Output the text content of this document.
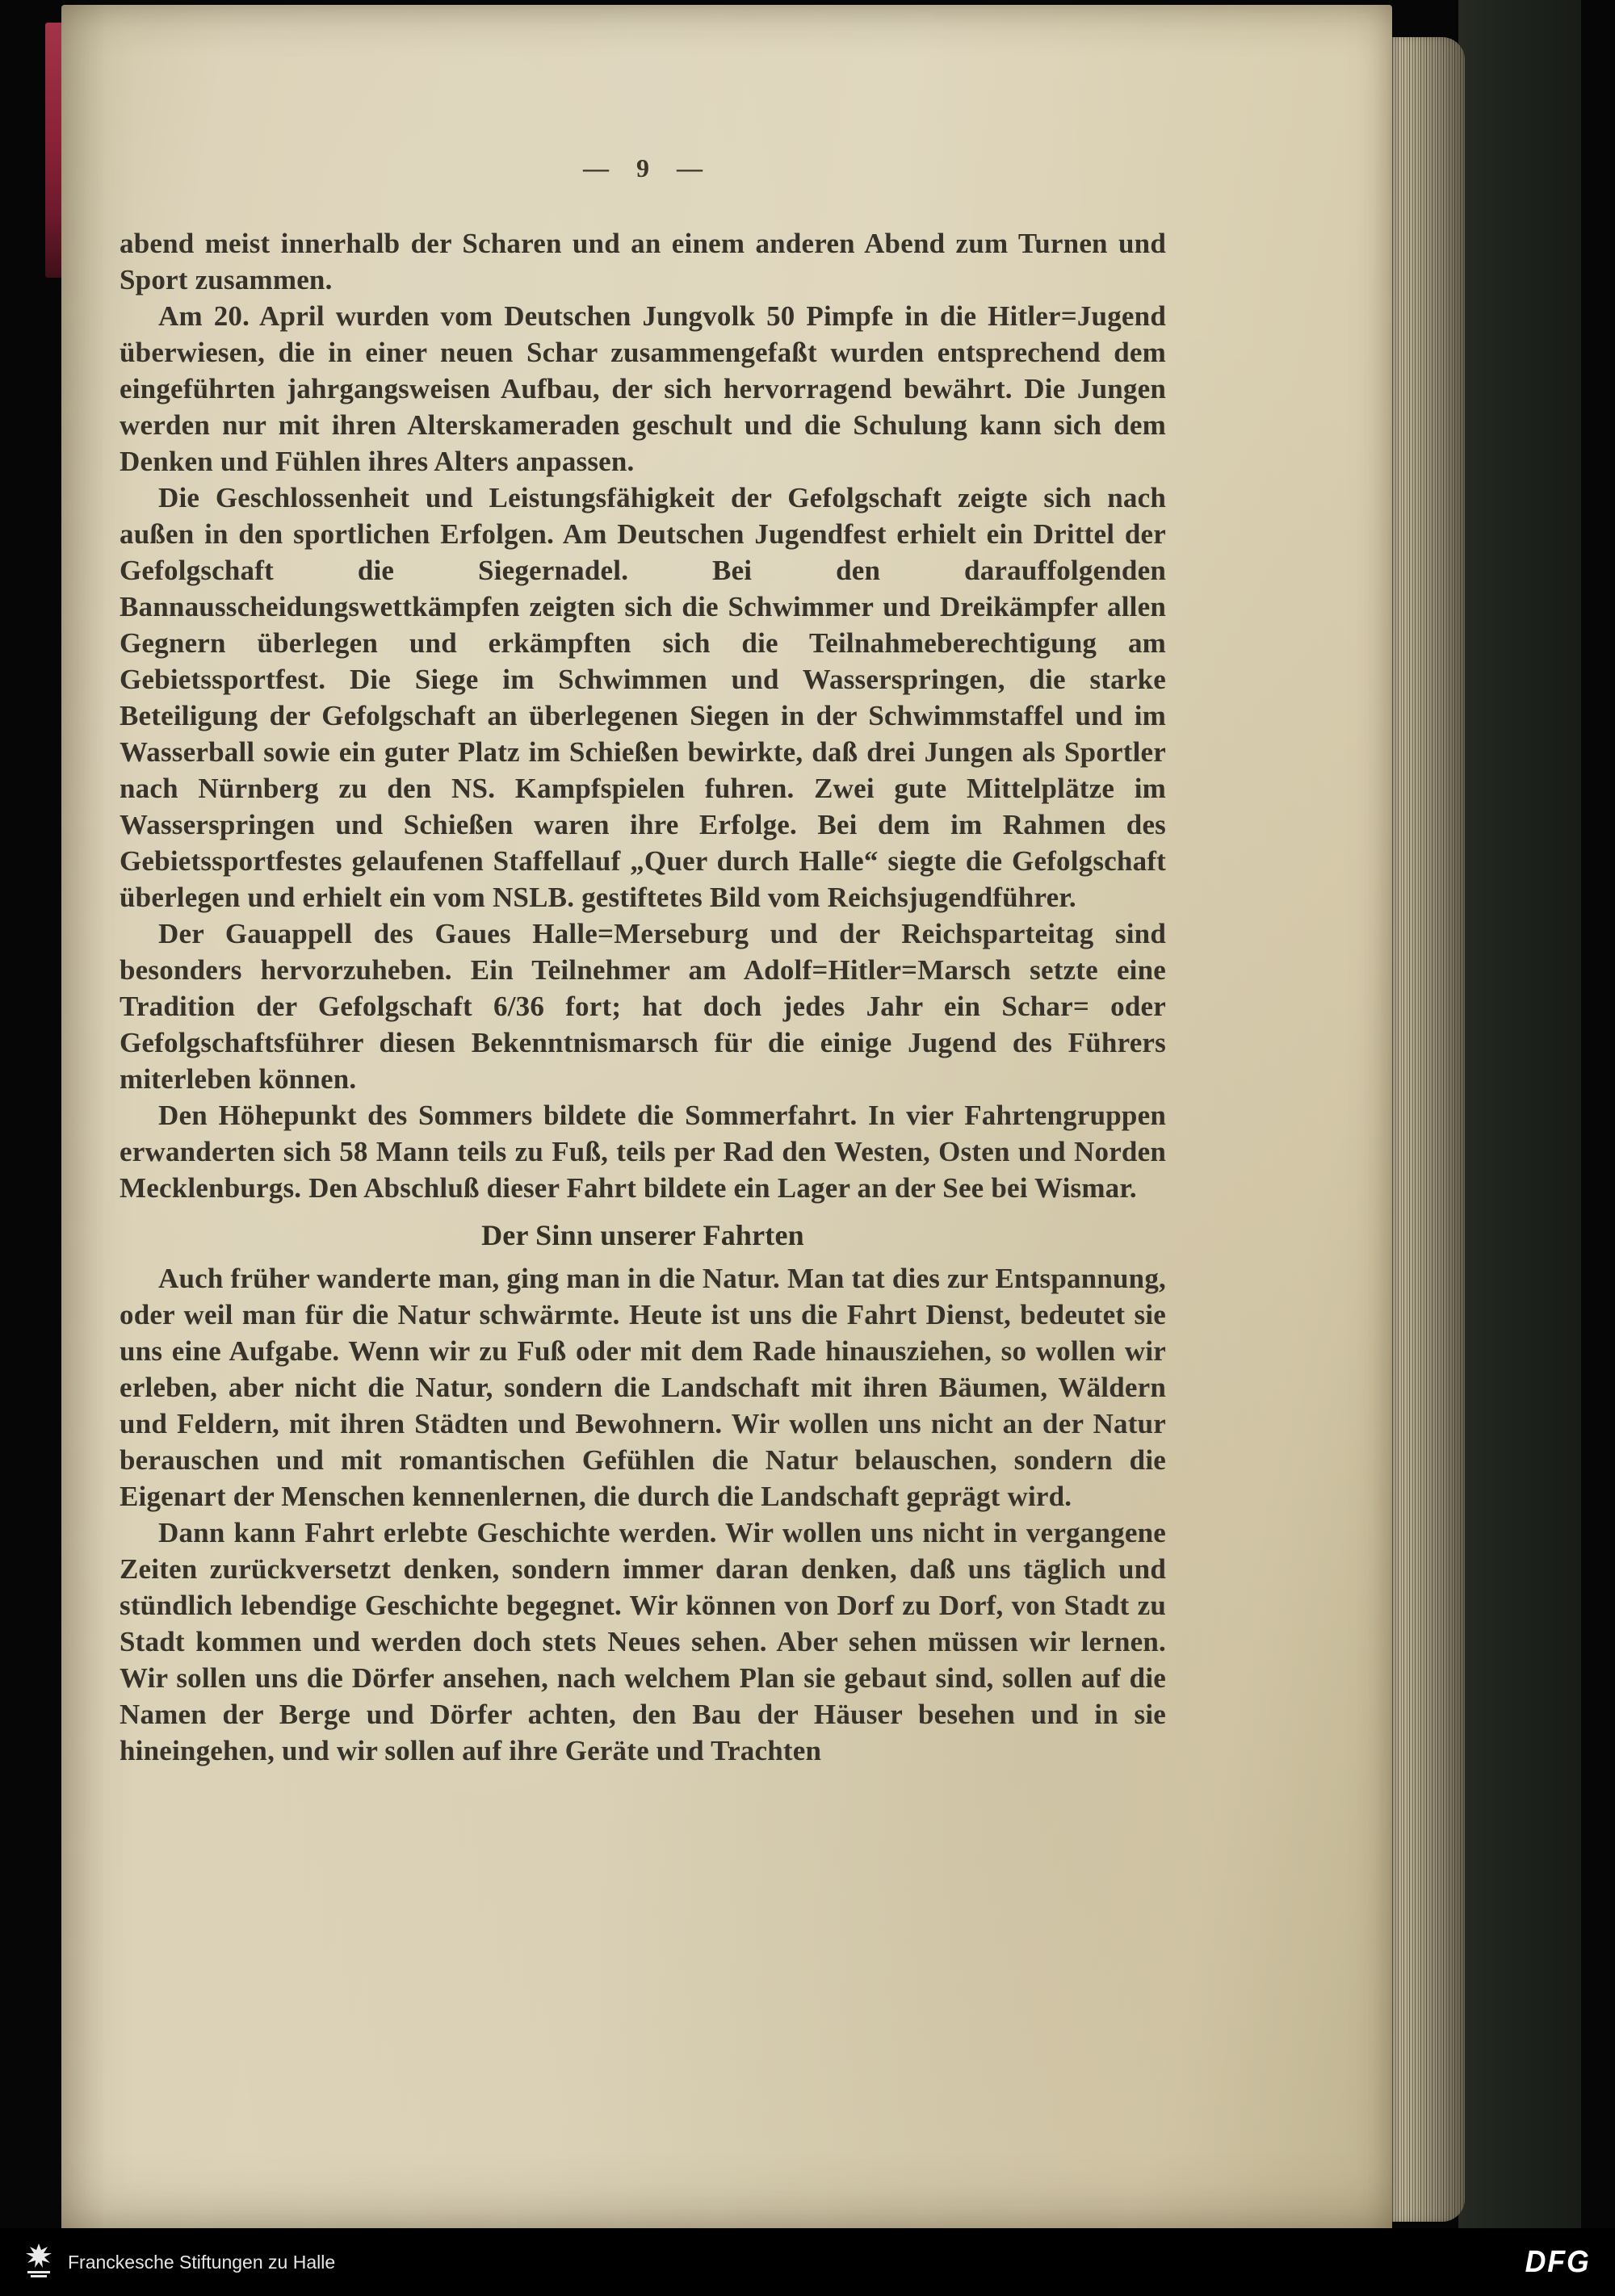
— 9 —

abend meist innerhalb der Scharen und an einem anderen Abend zum Turnen und Sport zusammen.

Am 20. April wurden vom Deutschen Jungvolk 50 Pimpfe in die Hitler=Jugend überwiesen, die in einer neuen Schar zusammengefaßt wurden entsprechend dem eingeführten jahrgangsweisen Aufbau, der sich hervorragend bewährt. Die Jungen werden nur mit ihren Alterskameraden geschult und die Schulung kann sich dem Denken und Fühlen ihres Alters anpassen.

Die Geschlossenheit und Leistungsfähigkeit der Gefolgschaft zeigte sich nach außen in den sportlichen Erfolgen. Am Deutschen Jugendfest erhielt ein Drittel der Gefolgschaft die Siegernadel. Bei den darauffolgenden Bannausscheidungswettkämpfen zeigten sich die Schwimmer und Dreikämpfer allen Gegnern überlegen und erkämpften sich die Teilnahmeberechtigung am Gebietssportfest. Die Siege im Schwimmen und Wasserspringen, die starke Beteiligung der Gefolgschaft an überlegenen Siegen in der Schwimmstaffel und im Wasserball sowie ein guter Platz im Schießen bewirkte, daß drei Jungen als Sportler nach Nürnberg zu den NS. Kampfspielen fuhren. Zwei gute Mittelplätze im Wasserspringen und Schießen waren ihre Erfolge. Bei dem im Rahmen des Gebietssportfestes gelaufenen Staffellauf „Quer durch Halle“ siegte die Gefolgschaft überlegen und erhielt ein vom NSLB. gestiftetes Bild vom Reichsjugendführer.

Der Gauappell des Gaues Halle=Merseburg und der Reichsparteitag sind besonders hervorzuheben. Ein Teilnehmer am Adolf=Hitler=Marsch setzte eine Tradition der Gefolgschaft 6/36 fort; hat doch jedes Jahr ein Schar= oder Gefolgschaftsführer diesen Bekenntnismarsch für die einige Jugend des Führers miterleben können.

Den Höhepunkt des Sommers bildete die Sommerfahrt. In vier Fahrtengruppen erwanderten sich 58 Mann teils zu Fuß, teils per Rad den Westen, Osten und Norden Mecklenburgs. Den Abschluß dieser Fahrt bildete ein Lager an der See bei Wismar.

Der Sinn unserer Fahrten

Auch früher wanderte man, ging man in die Natur. Man tat dies zur Entspannung, oder weil man für die Natur schwärmte. Heute ist uns die Fahrt Dienst, bedeutet sie uns eine Aufgabe. Wenn wir zu Fuß oder mit dem Rade hinausziehen, so wollen wir erleben, aber nicht die Natur, sondern die Landschaft mit ihren Bäumen, Wäldern und Feldern, mit ihren Städten und Bewohnern. Wir wollen uns nicht an der Natur berauschen und mit romantischen Gefühlen die Natur belauschen, sondern die Eigenart der Menschen kennenlernen, die durch die Landschaft geprägt wird.

Dann kann Fahrt erlebte Geschichte werden. Wir wollen uns nicht in vergangene Zeiten zurückversetzt denken, sondern immer daran denken, daß uns täglich und stündlich lebendige Geschichte begegnet. Wir können von Dorf zu Dorf, von Stadt zu Stadt kommen und werden doch stets Neues sehen. Aber sehen müssen wir lernen. Wir sollen uns die Dörfer ansehen, nach welchem Plan sie gebaut sind, sollen auf die Namen der Berge und Dörfer achten, den Bau der Häuser besehen und in sie hineingehen, und wir sollen auf ihre Geräte und Trachten

Franckesche Stiftungen zu Halle	DFG
